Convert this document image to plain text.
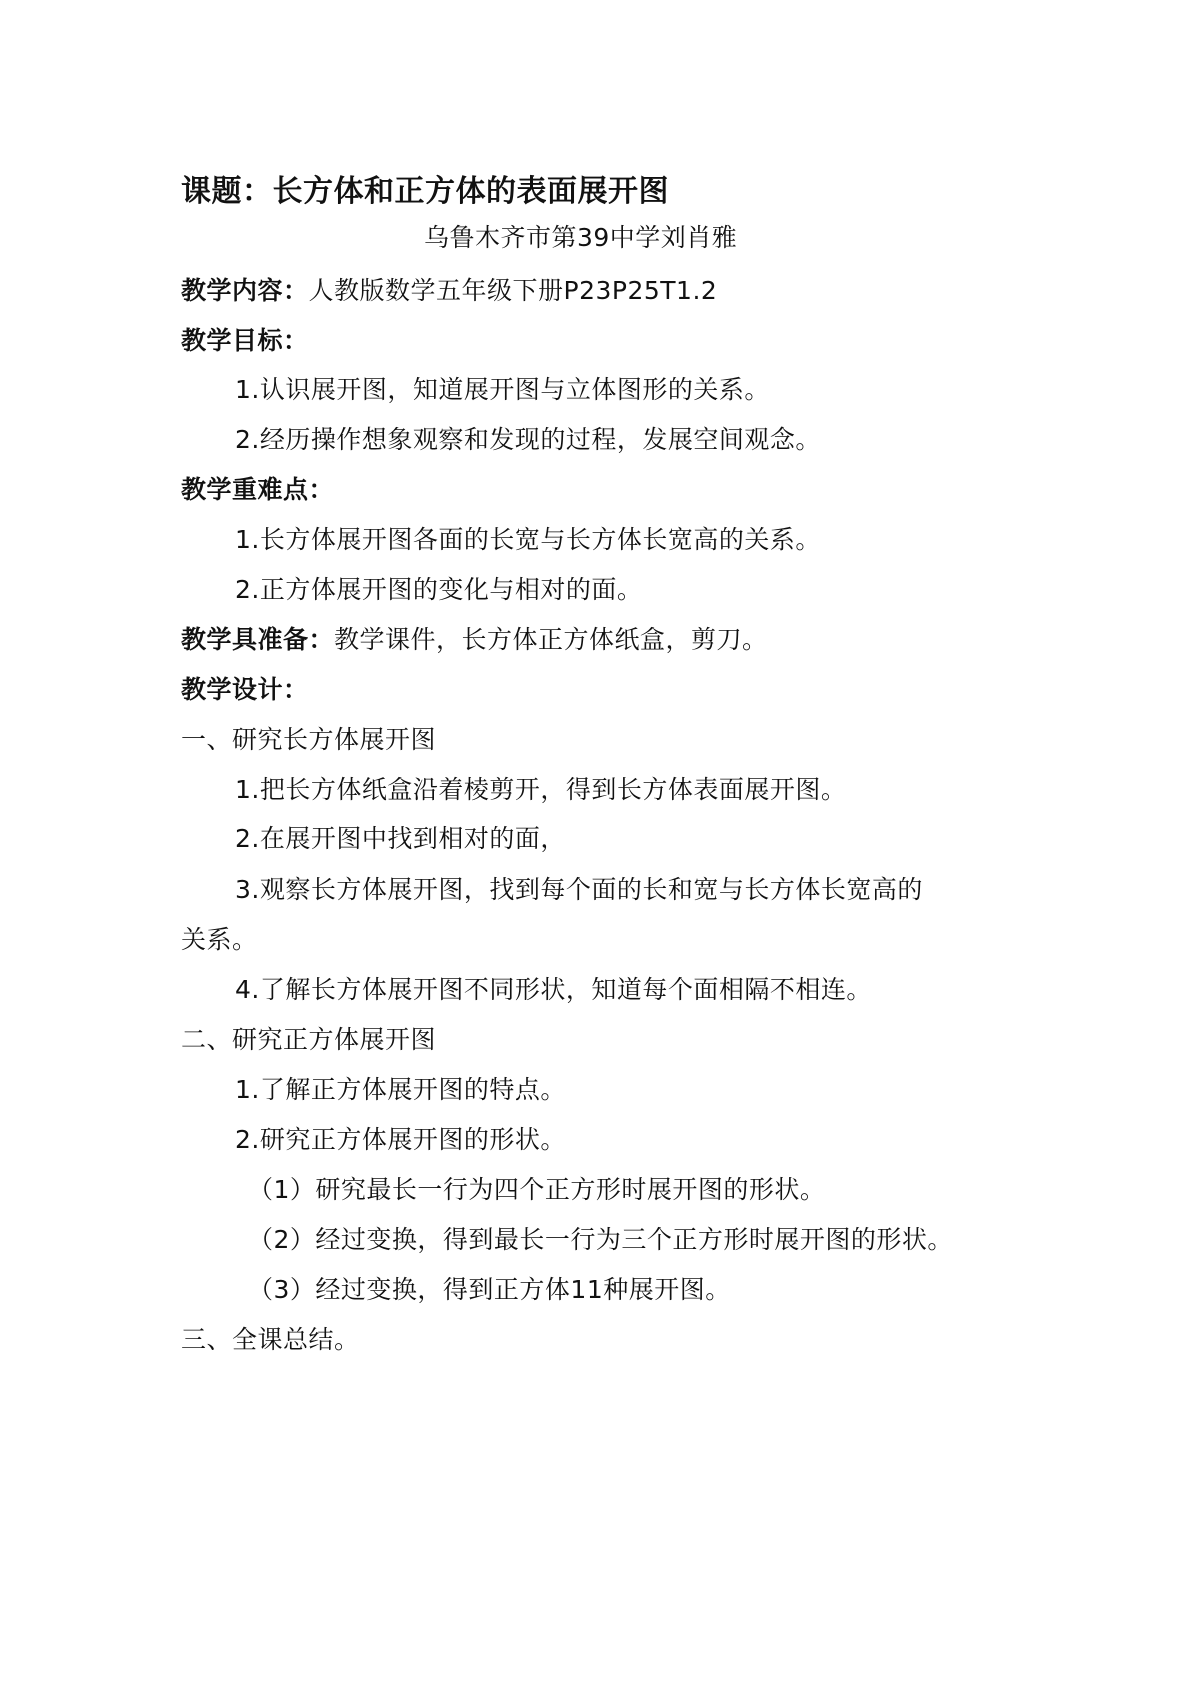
课题：长方体和正方体的表面展开图
乌鲁木齐市第39中学刘肖雅
教学内容：人教版数学五年级下册P23P25T1.2
教学目标：
1.认识展开图，知道展开图与立体图形的关系。
2.经历操作想象观察和发现的过程，发展空间观念。
教学重难点：
1.长方体展开图各面的长宽与长方体长宽高的关系。
2.正方体展开图的变化与相对的面。
教学具准备：教学课件，长方体正方体纸盒，剪刀。
教学设计：
一、研究长方体展开图
1.把长方体纸盒沿着棱剪开，得到长方体表面展开图。
2.在展开图中找到相对的面，
3.观察长方体展开图，找到每个面的长和宽与长方体长宽高的
关系。
4.了解长方体展开图不同形状，知道每个面相隔不相连。
二、研究正方体展开图
1.了解正方体展开图的特点。
2.研究正方体展开图的形状。
（1）研究最长一行为四个正方形时展开图的形状。
（2）经过变换，得到最长一行为三个正方形时展开图的形状。
（3）经过变换，得到正方体11种展开图。
三、全课总结。
